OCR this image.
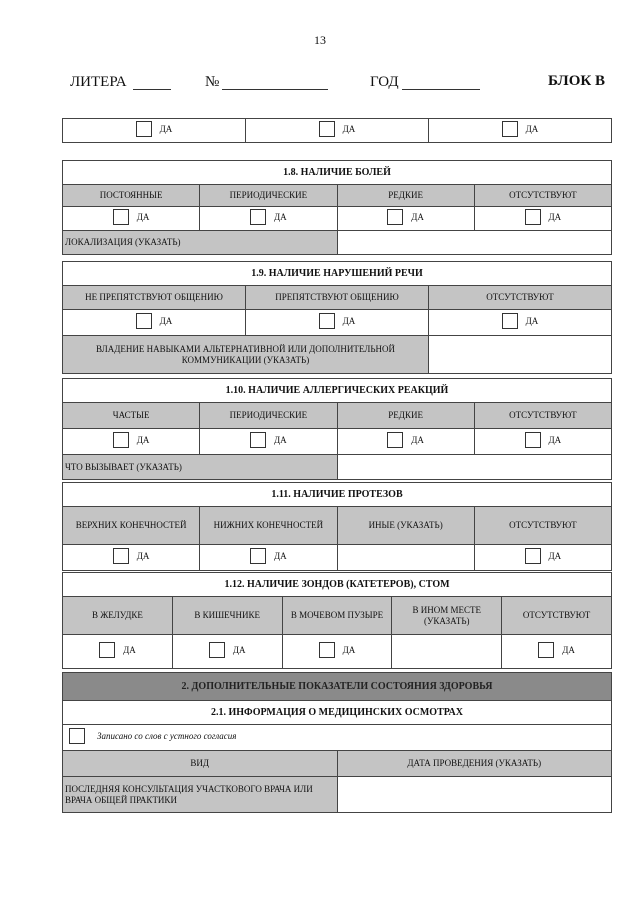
13
ЛИТЕРА	№	ГОД	БЛОК В
ДА	ДА	ДА
1.8. НАЛИЧИЕ БОЛЕЙ			
ПОСТОЯННЫЕ	ПЕРИОДИЧЕСКИЕ	РЕДКИЕ	ОТСУТСТВУЮТ

ДА	ДА	ДА	ДА

ЛОКАЛИЗАЦИЯ (УКАЗАТЬ)			
1.9. НАЛИЧИЕ НАРУШЕНИЙ РЕЧИ		
НЕ ПРЕПЯТСТВУЮТ ОБЩЕНИЮ	ПРЕПЯТСТВУЮТ ОБЩЕНИЮ	ОТСУТСТВУЮТ

ДА	ДА	ДА

ВЛАДЕНИЕ НАВЫКАМИ АЛЬТЕРНАТИВНОЙ ИЛИ ДОПОЛНИТЕЛЬНОЙ КОММУНИКАЦИИ (УКАЗАТЬ)		
1.10. НАЛИЧИЕ АЛЛЕРГИЧЕСКИХ РЕАКЦИЙ			
ЧАСТЫЕ	ПЕРИОДИЧЕСКИЕ	РЕДКИЕ	ОТСУТСТВУЮТ

ДА	ДА	ДА	ДА

ЧТО ВЫЗЫВАЕТ (УКАЗАТЬ)			
1.11. НАЛИЧИЕ ПРОТЕЗОВ			
ВЕРХНИХ КОНЕЧНОСТЕЙ	НИЖНИХ КОНЕЧНОСТЕЙ	ИНЫЕ (УКАЗАТЬ)	ОТСУТСТВУЮТ

ДА	ДА		ДА
1.12. НАЛИЧИЕ ЗОНДОВ (КАТЕТЕРОВ), СТОМ				
В ЖЕЛУДКЕ	В КИШЕЧНИКЕ	В МОЧЕВОМ ПУЗЫРЕ	В ИНОМ МЕСТЕ (УКАЗАТЬ)	ОТСУТСТВУЮТ

ДА	ДА	ДА		ДА
2. ДОПОЛНИТЕЛЬНЫЕ ПОКАЗАТЕЛИ СОСТОЯНИЯ ЗДОРОВЬЯ	
2.1. ИНФОРМАЦИЯ О МЕДИЦИНСКИХ ОСМОТРАХ	

Записано со слов с устного согласия	

ВИД	ДАТА ПРОВЕДЕНИЯ (УКАЗАТЬ)
ПОСЛЕДНЯЯ КОНСУЛЬТАЦИЯ УЧАСТКОВОГО ВРАЧА ИЛИ ВРАЧА ОБЩЕЙ ПРАКТИКИ	
